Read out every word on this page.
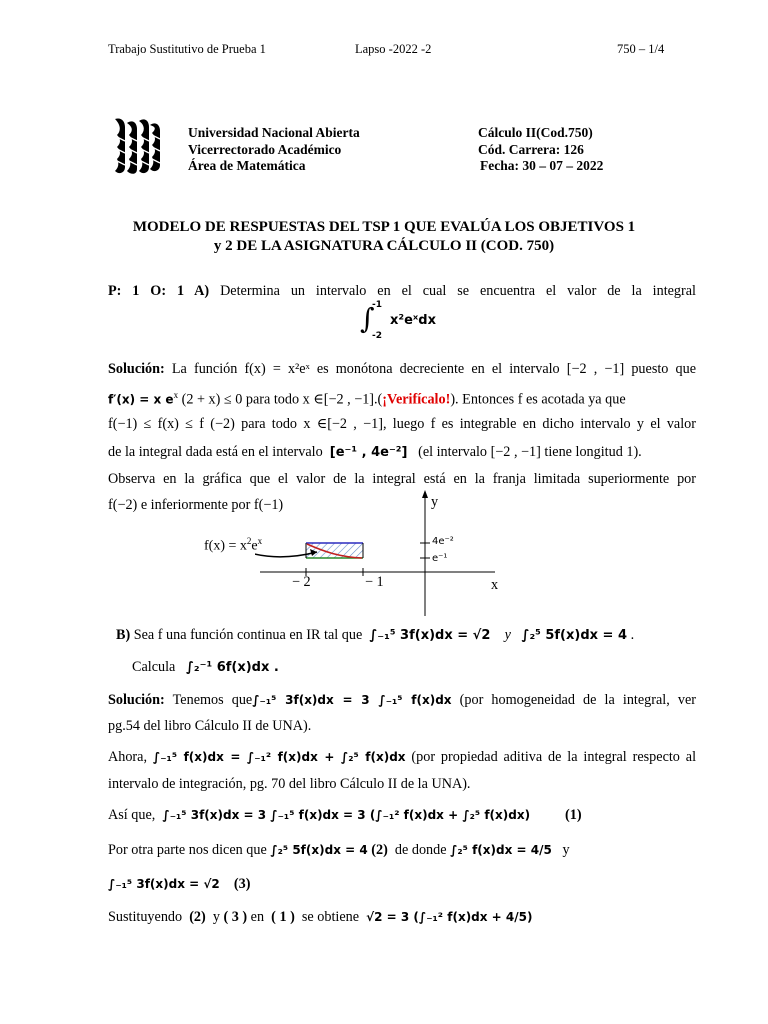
Trabajo Sustitutivo de Prueba 1	Lapso -2022 -2	750 – 1/4
Universidad Nacional Abierta
Vicerrectorado Académico
Área de Matemática
Cálculo II(Cod.750)
Cód. Carrera: 126
Fecha: 30 – 07 – 2022
MODELO DE RESPUESTAS DEL TSP 1 QUE EVALÚA LOS OBJETIVOS 1
y 2 DE LA ASIGNATURA CÁLCULO II (COD. 750)
P: 1 O: 1 A) Determina un intervalo en el cual se encuentra el valor de la integral
∫
-1
-2
x²eˣdx
Solución: La función f(x) = x²eˣ es monótona decreciente en el intervalo [−2 , −1] puesto que
f′(x) = x $e^x$ (2 + x) ≤ 0 para todo x ∈[−2 , −1].(¡Verifícalo!). Entonces f es acotada ya que
f(−1) ≤ f(x) ≤ f (−2) para todo x ∈[−2 , −1], luego f es integrable en dicho intervalo y el valor
de la integral dada está en el intervalo [e⁻¹ , 4e⁻²] (el intervalo [−2 , −1] tiene longitud 1).
Observa en la gráfica que el valor de la integral está en la franja limitada superiormente por
f(−2) e inferiormente por f(−1)
$f(x) = x^2e^x$
y
x
4e⁻²
e⁻¹
− 2	− 1
B) Sea f una función continua en IR tal que ∫₋₁⁵ 3f(x)dx = √2 y ∫₂⁵ 5f(x)dx = 4 .
Calcula ∫₂⁻¹ 6f(x)dx .
Solución: Tenemos que∫₋₁⁵ 3f(x)dx = 3 ∫₋₁⁵ f(x)dx (por homogeneidad de la integral, ver
pg.54 del libro Cálculo II de UNA).
Ahora, ∫₋₁⁵ f(x)dx = ∫₋₁² f(x)dx + ∫₂⁵ f(x)dx (por propiedad aditiva de la integral respecto al
intervalo de integración, pg. 70 del libro Cálculo II de la UNA).
Así que, ∫₋₁⁵ 3f(x)dx = 3 ∫₋₁⁵ f(x)dx = 3 (∫₋₁² f(x)dx + ∫₂⁵ f(x)dx) (1)
Por otra parte nos dicen que ∫₂⁵ 5f(x)dx = 4 (2) de donde ∫₂⁵ f(x)dx = 4/5 y
∫₋₁⁵ 3f(x)dx = √2 (3)
Sustituyendo (2) y ( 3 ) en ( 1 ) se obtiene √2 = 3 (∫₋₁² f(x)dx + 4/5)
